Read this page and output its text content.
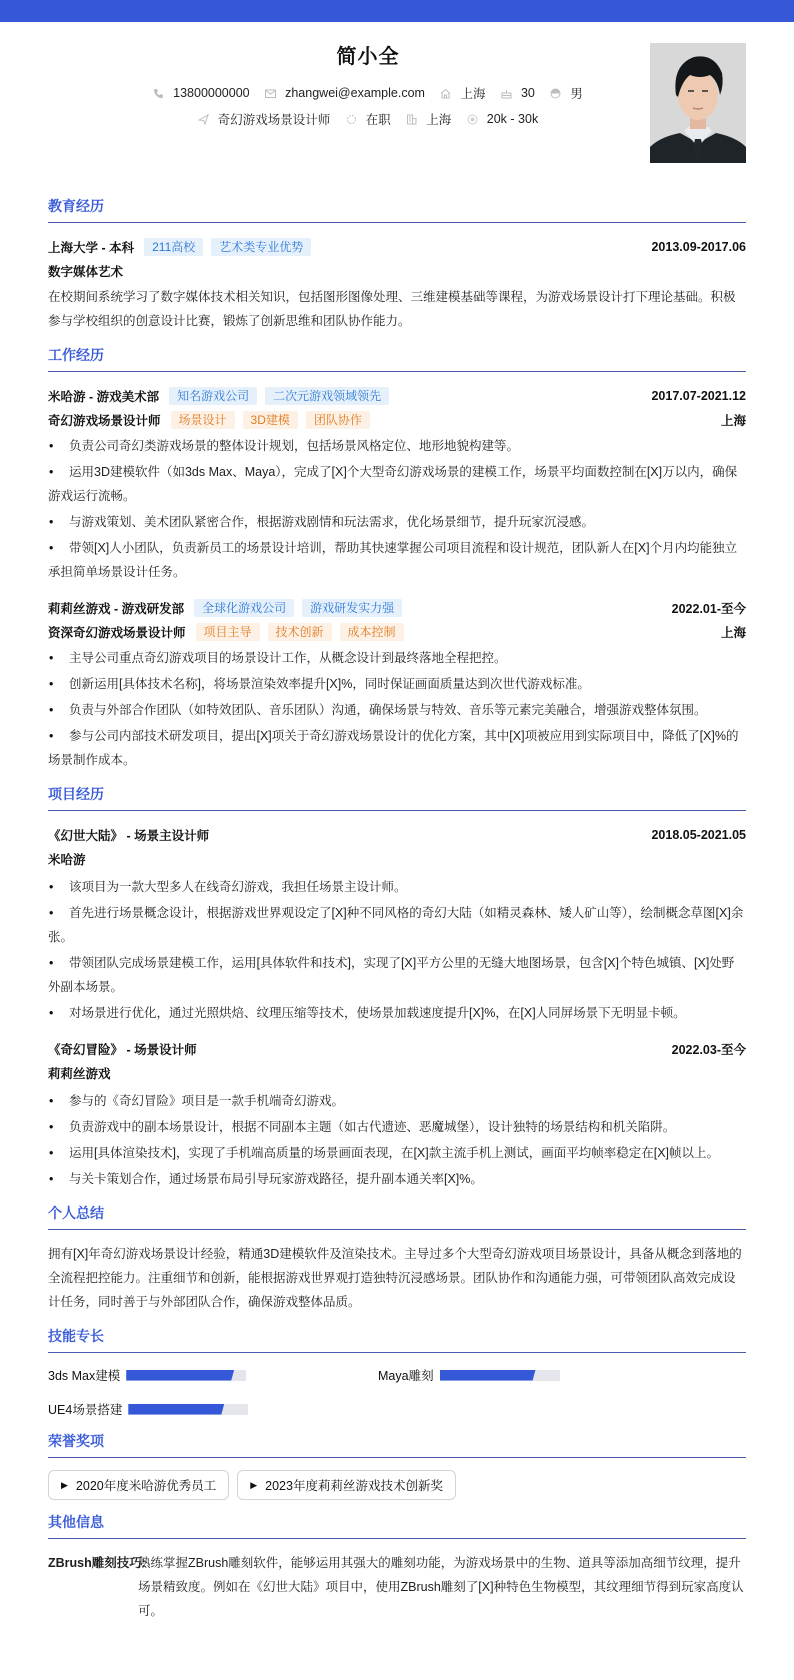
简小全
13800000000
	zhangwei@example.com
	上海
	30
	男
奇幻游戏场景设计师
	在职
	上海
	20k - 30k
教育经历
上海大学 - 本科	211高校	艺术类专业优势	2013.09-2017.06
数字媒体艺术
在校期间系统学习了数字媒体技术相关知识，包括图形图像处理、三维建模基础等课程，为游戏场景设计打下理论基础。积极参与学校组织的创意设计比赛，锻炼了创新思维和团队协作能力。
工作经历
米哈游 - 游戏美术部	知名游戏公司	二次元游戏领域领先	2017.07-2021.12
奇幻游戏场景设计师	场景设计	3D建模	团队协作	上海
• 负责公司奇幻类游戏场景的整体设计规划，包括场景风格定位、地形地貌构建等。
• 运用3D建模软件（如3ds Max、Maya），完成了[X]个大型奇幻游戏场景的建模工作，场景平均面数控制在[X]万以内，确保游戏运行流畅。
• 与游戏策划、美术团队紧密合作，根据游戏剧情和玩法需求，优化场景细节，提升玩家沉浸感。
• 带领[X]人小团队，负责新员工的场景设计培训，帮助其快速掌握公司项目流程和设计规范，团队新人在[X]个月内均能独立承担简单场景设计任务。
莉莉丝游戏 - 游戏研发部	全球化游戏公司	游戏研发实力强	2022.01-至今
资深奇幻游戏场景设计师	项目主导	技术创新	成本控制	上海
• 主导公司重点奇幻游戏项目的场景设计工作，从概念设计到最终落地全程把控。
• 创新运用[具体技术名称]，将场景渲染效率提升[X]%，同时保证画面质量达到次世代游戏标准。
• 负责与外部合作团队（如特效团队、音乐团队）沟通，确保场景与特效、音乐等元素完美融合，增强游戏整体氛围。
• 参与公司内部技术研发项目，提出[X]项关于奇幻游戏场景设计的优化方案，其中[X]项被应用到实际项目中，降低了[X]%的场景制作成本。
项目经历
《幻世大陆》 - 场景主设计师	2018.05-2021.05
米哈游
• 该项目为一款大型多人在线奇幻游戏，我担任场景主设计师。
• 首先进行场景概念设计，根据游戏世界观设定了[X]种不同风格的奇幻大陆（如精灵森林、矮人矿山等），绘制概念草图[X]余张。
• 带领团队完成场景建模工作，运用[具体软件和技术]，实现了[X]平方公里的无缝大地图场景，包含[X]个特色城镇、[X]处野外副本场景。
• 对场景进行优化，通过光照烘焙、纹理压缩等技术，使场景加载速度提升[X]%，在[X]人同屏场景下无明显卡顿。
《奇幻冒险》 - 场景设计师	2022.03-至今
莉莉丝游戏
• 参与的《奇幻冒险》项目是一款手机端奇幻游戏。
• 负责游戏中的副本场景设计，根据不同副本主题（如古代遗迹、恶魔城堡），设计独特的场景结构和机关陷阱。
• 运用[具体渲染技术]，实现了手机端高质量的场景画面表现，在[X]款主流手机上测试，画面平均帧率稳定在[X]帧以上。
• 与关卡策划合作，通过场景布局引导玩家游戏路径，提升副本通关率[X]%。
个人总结
拥有[X]年奇幻游戏场景设计经验，精通3D建模软件及渲染技术。主导过多个大型奇幻游戏项目场景设计，具备从概念到落地的全流程把控能力。注重细节和创新，能根据游戏世界观打造独特沉浸感场景。团队协作和沟通能力强，可带领团队高效完成设计任务，同时善于与外部团队合作，确保游戏整体品质。
技能专长
3ds Max建模	Maya雕刻
UE4场景搭建
荣誉奖项
▶ 2020年度米哈游优秀员工	▶ 2023年度莉莉丝游戏技术创新奖
其他信息
ZBrush雕刻技巧:
熟练掌握ZBrush雕刻软件，能够运用其强大的雕刻功能，为游戏场景中的生物、道具等添加高细节纹理，提升场景精致度。例如在《幻世大陆》项目中，使用ZBrush雕刻了[X]种特色生物模型，其纹理细节得到玩家高度认可。
